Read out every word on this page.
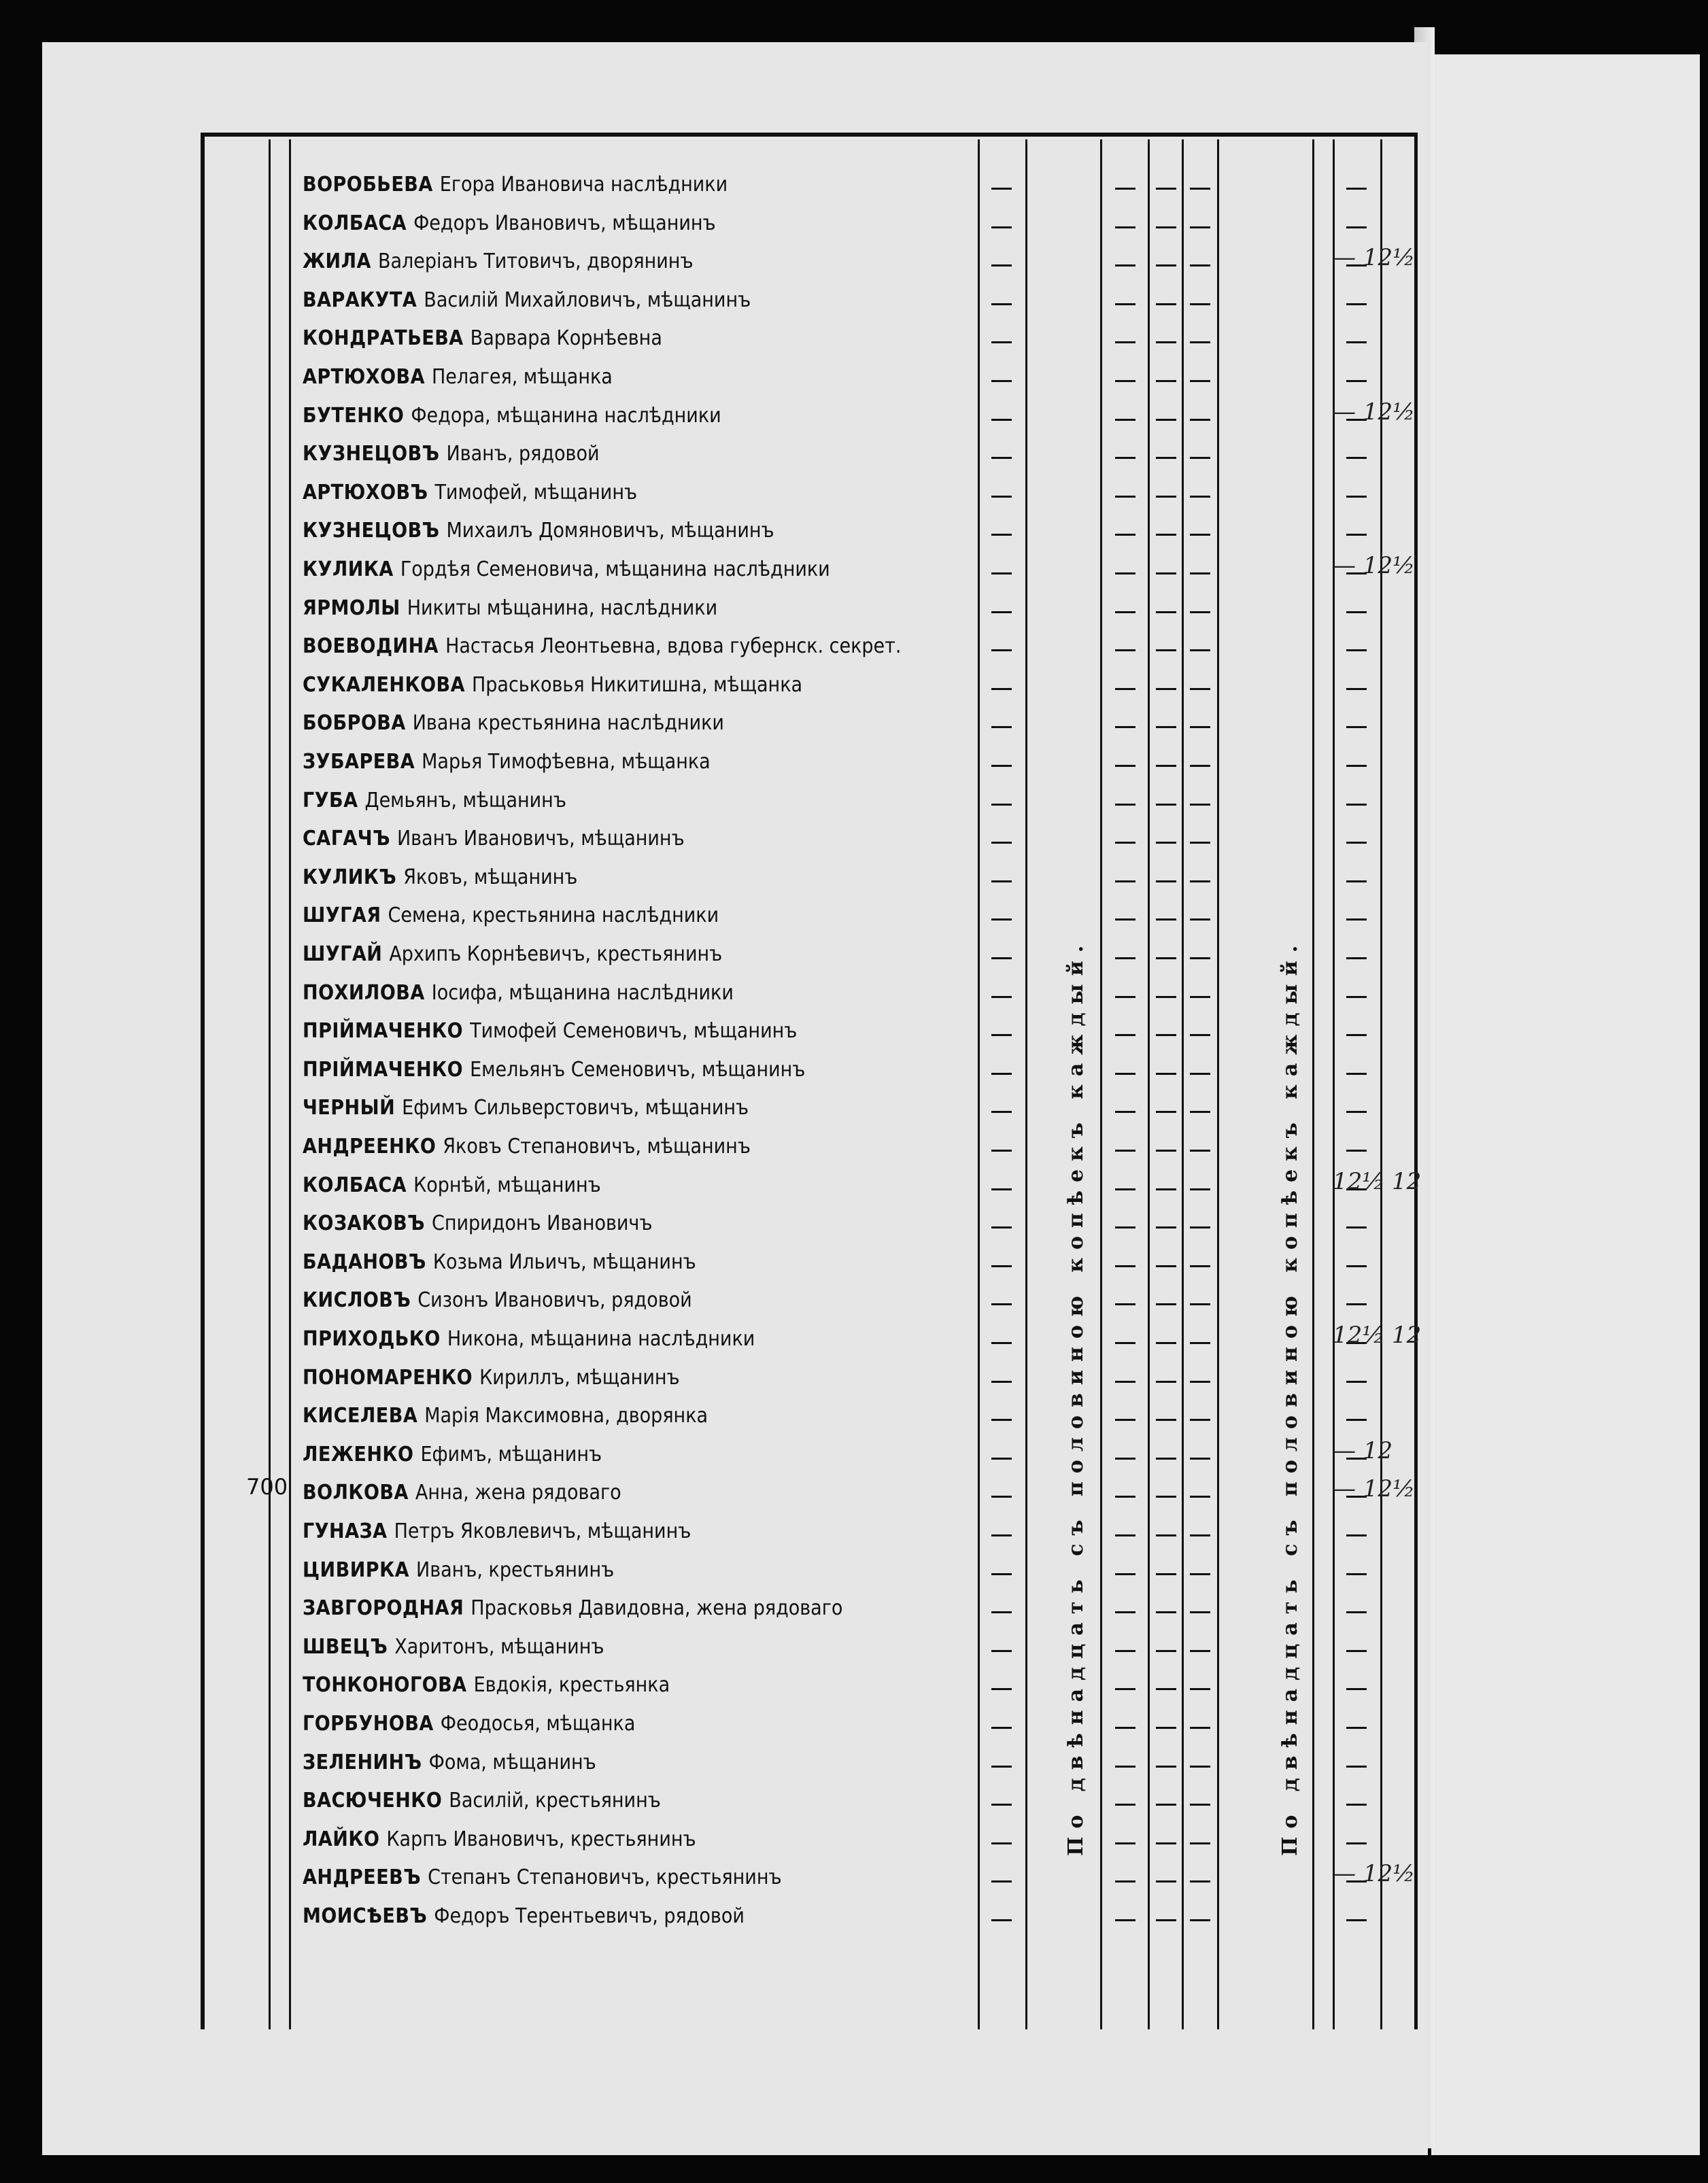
700	По двѣнадцать съ половиною копѣекъ каждый.	По двѣнадцать съ половиною копѣекъ каждый.
ВОРОБЬЕВА Егора Ивановича наслѣдники
КОЛБАСА Федоръ Ивановичъ, мѣщанинъ
ЖИЛА Валеріанъ Титовичъ, дворянинъ
ВАРАКУТА Василій Михайловичъ, мѣщанинъ
КОНДРАТЬЕВА Варвара Корнѣевна
АРТЮХОВА Пелагея, мѣщанка
БУТЕНКО Федора, мѣщанина наслѣдники
КУЗНЕЦОВЪ Иванъ, рядовой
АРТЮХОВЪ Тимофей, мѣщанинъ
КУЗНЕЦОВЪ Михаилъ Домяновичъ, мѣщанинъ
КУЛИКА Гордѣя Семеновича, мѣщанина наслѣдники
ЯРМОЛЫ Никиты мѣщанина, наслѣдники
ВОЕВОДИНА Настасья Леонтьевна, вдова губернск. секрет.
СУКАЛЕНКОВА Праськовья Никитишна, мѣщанка
БОБРОВА Ивана крестьянина наслѣдники
ЗУБАРЕВА Марья Тимофѣевна, мѣщанка
ГУБА Демьянъ, мѣщанинъ
САГАЧЪ Иванъ Ивановичъ, мѣщанинъ
КУЛИКЪ Яковъ, мѣщанинъ
ШУГАЯ Семена, крестьянина наслѣдники
ШУГАЙ Архипъ Корнѣевичъ, крестьянинъ
ПОХИЛОВА Іосифа, мѣщанина наслѣдники
ПРІЙМАЧЕНКО Тимофей Семеновичъ, мѣщанинъ
ПРІЙМАЧЕНКО Емельянъ Семеновичъ, мѣщанинъ
ЧЕРНЫЙ Ефимъ Сильверстовичъ, мѣщанинъ
АНДРЕЕНКО Яковъ Степановичъ, мѣщанинъ
КОЛБАСА Корнѣй, мѣщанинъ
КОЗАКОВЪ Спиридонъ Ивановичъ
БАДАНОВЪ Козьма Ильичъ, мѣщанинъ
КИСЛОВЪ Сизонъ Ивановичъ, рядовой
ПРИХОДЬКО Никона, мѣщанина наслѣдники
ПОНОМАРЕНКО Кириллъ, мѣщанинъ
КИСЕЛЕВА Марія Максимовна, дворянка
ЛЕЖЕНКО Ефимъ, мѣщанинъ
ВОЛКОВА Анна, жена рядоваго
ГУНАЗА Петръ Яковлевичъ, мѣщанинъ
ЦИВИРКА Иванъ, крестьянинъ
ЗАВГОРОДНАЯ Прасковья Давидовна, жена рядоваго
ШВЕЦЪ Харитонъ, мѣщанинъ
ТОНКОНОГОВА Евдокія, крестьянка
ГОРБУНОВА Феодосья, мѣщанка
ЗЕЛЕНИНЪ Фома, мѣщанинъ
ВАСЮЧЕНКО Василій, крестьянинъ
ЛАЙКО Карпъ Ивановичъ, крестьянинъ
АНДРЕЕВЪ Степанъ Степановичъ, крестьянинъ
МОИСѢЕВЪ Федоръ Терентьевичъ, рядовой
— 12½
— 12½
— 12½
12½ 12
12½ 12
— 12
— 12½
— 12½
